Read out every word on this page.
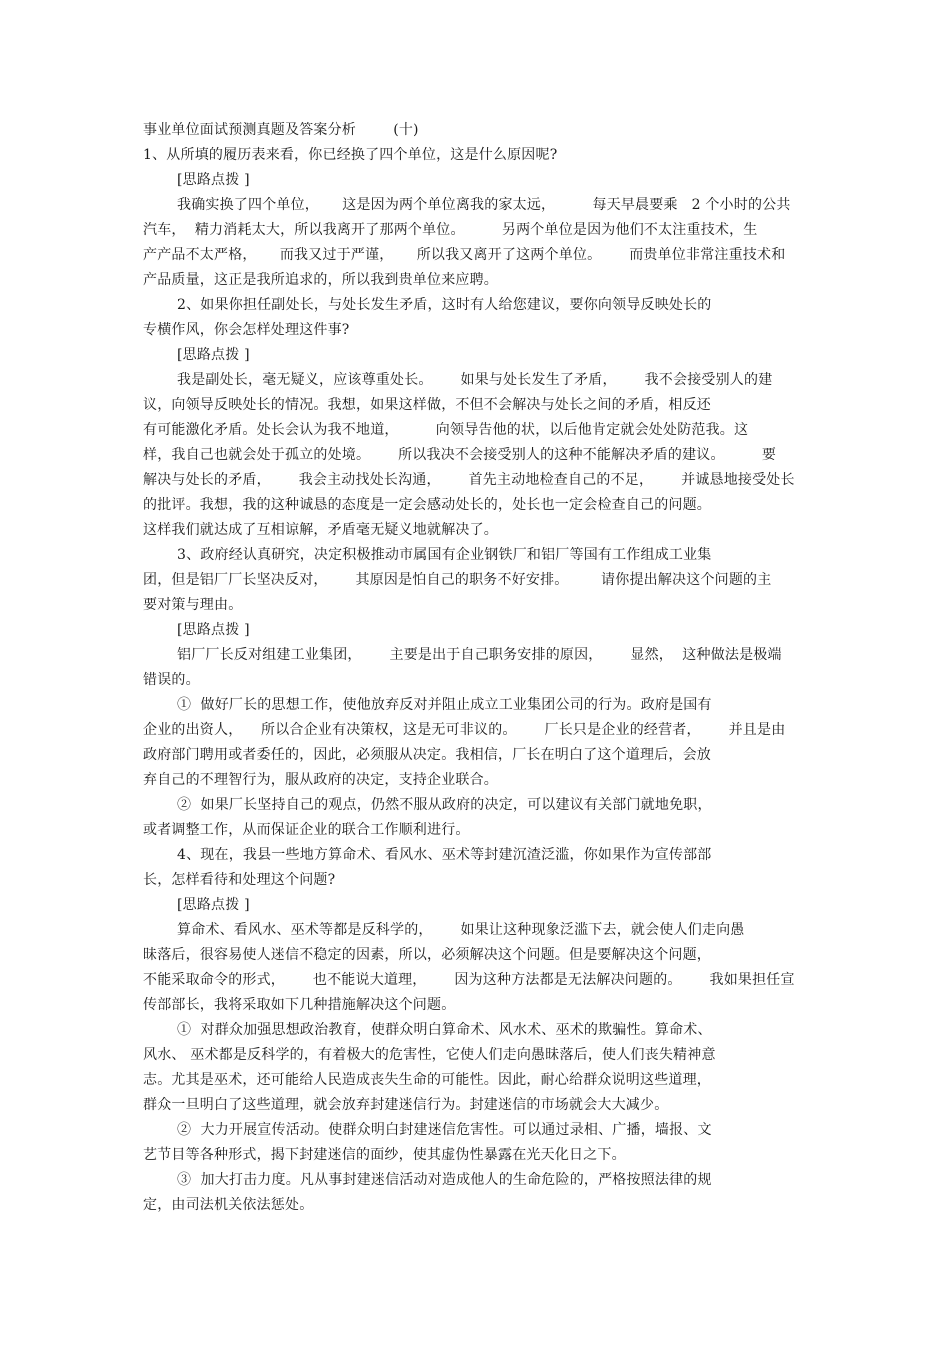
事业单位面试预测真题及答案分析        (十)
1、从所填的履历表来看，你已经换了四个单位，这是什么原因呢?
[思路点拨 ]
我确实换了四个单位，     这是因为两个单位离我的家太远，        每天早晨要乘   2 个小时的公共
汽车，  精力消耗太大，所以我离开了那两个单位。        另两个单位是因为他们不太注重技术，生
产产品不太严格，     而我又过于严谨，     所以我又离开了这两个单位。      而贵单位非常注重技术和
产品质量，这正是我所追求的，所以我到贵单位来应聘。
2、如果你担任副处长，与处长发生矛盾，这时有人给您建议，要你向领导反映处长的
专横作风，你会怎样处理这件事?
[思路点拨 ]
我是副处长，毫无疑义，应该尊重处长。      如果与处长发生了矛盾，      我不会接受别人的建
议，向领导反映处长的情况。我想，如果这样做，不但不会解决与处长之间的矛盾，相反还
有可能激化矛盾。处长会认为我不地道，        向领导告他的状，以后他肯定就会处处防范我。这
样，我自己也就会处于孤立的处境。      所以我决不会接受别人的这种不能解决矛盾的建议。        要
解决与处长的矛盾，      我会主动找处长沟通，      首先主动地检查自己的不足，      并诚恳地接受处长
的批评。我想，我的这种诚恳的态度是一定会感动处长的，处长也一定会检查自己的问题。
这样我们就达成了互相谅解，矛盾毫无疑义地就解决了。
3、政府经认真研究，决定积极推动市属国有企业钢铁厂和铝厂等国有工作组成工业集
团，但是铝厂厂长坚决反对，      其原因是怕自己的职务不好安排。       请你提出解决这个问题的主
要对策与理由。
[思路点拨 ]
铝厂厂长反对组建工业集团，      主要是出于自己职务安排的原因，      显然，  这种做法是极端
错误的。
①  做好厂长的思想工作，使他放弃反对并阻止成立工业集团公司的行为。政府是国有
企业的出资人，    所以合企业有决策权，这是无可非议的。      厂长只是企业的经营者，      并且是由
政府部门聘用或者委任的，因此，必须服从决定。我相信，厂长在明白了这个道理后，会放
弃自己的不理智行为，服从政府的决定，支持企业联合。
②  如果厂长坚持自己的观点，仍然不服从政府的决定，可以建议有关部门就地免职，
或者调整工作，从而保证企业的联合工作顺利进行。
4、现在，我县一些地方算命术、看风水、巫术等封建沉渣泛滥，你如果作为宣传部部
长，怎样看待和处理这个问题?
[思路点拨 ]
算命术、看风水、巫术等都是反科学的，      如果让这种现象泛滥下去，就会使人们走向愚
昧落后，很容易使人迷信不稳定的因素，所以，必须解决这个问题。但是要解决这个问题，
不能采取命令的形式，      也不能说大道理，      因为这种方法都是无法解决问题的。      我如果担任宣
传部部长，我将采取如下几种措施解决这个问题。
①  对群众加强思想政治教育，使群众明白算命术、风水术、巫术的欺骗性。算命术、
风水、 巫术都是反科学的，有着极大的危害性，它使人们走向愚昧落后，使人们丧失精神意
志。尤其是巫术，还可能给人民造成丧失生命的可能性。因此，耐心给群众说明这些道理，
群众一旦明白了这些道理，就会放弃封建迷信行为。封建迷信的市场就会大大减少。
②  大力开展宣传活动。使群众明白封建迷信危害性。可以通过录相、广播，墙报、文
艺节目等各种形式，揭下封建迷信的面纱，使其虚伪性暴露在光天化日之下。
③  加大打击力度。凡从事封建迷信活动对造成他人的生命危险的，严格按照法律的规
定，由司法机关依法惩处。
